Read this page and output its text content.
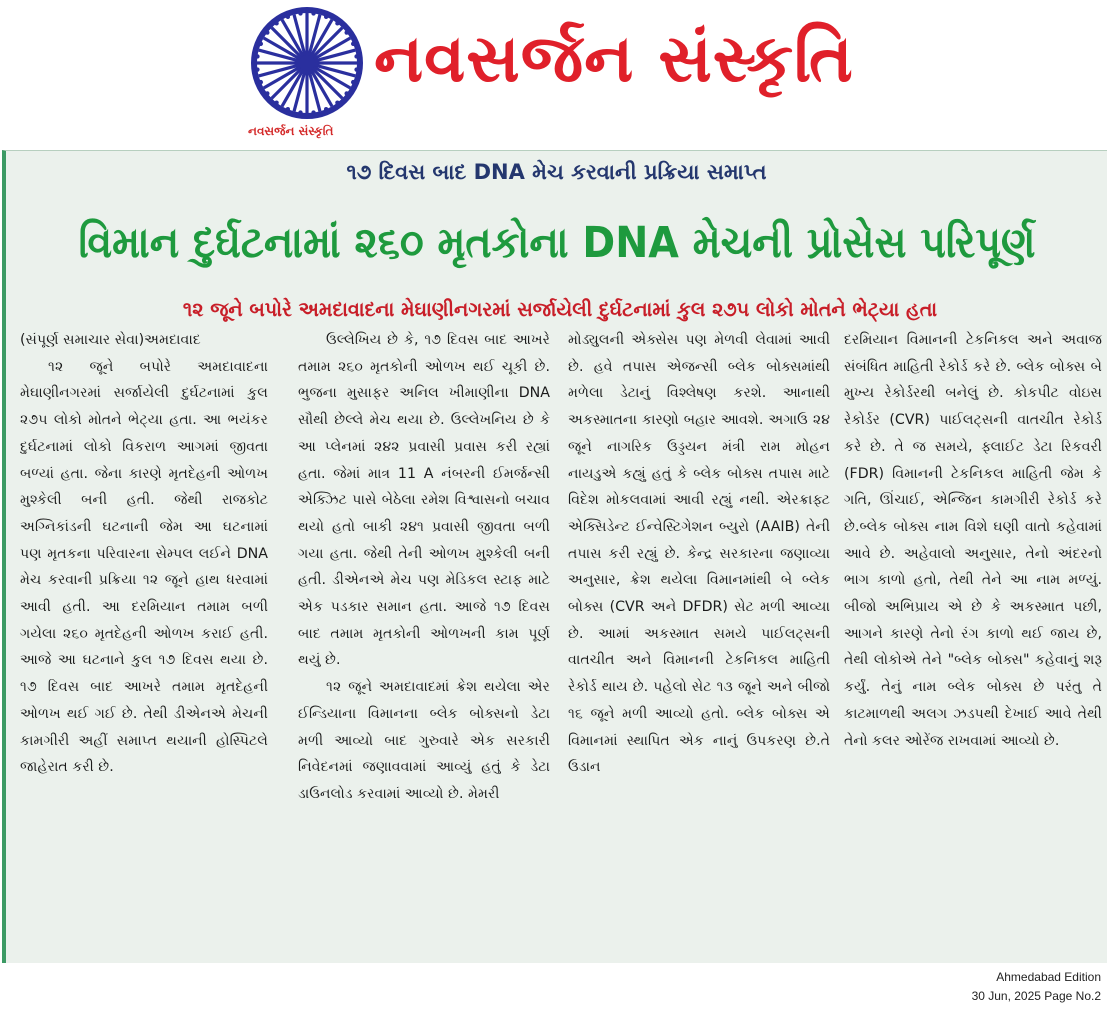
નવસર્જન સંસ્કૃતિ
નવસર્જન સંસ્કૃતિ
૧૭ દિવસ બાદ DNA મેચ કરવાની પ્રક્રિયા સમાપ્ત
વિમાન દુર્ઘટનામાં ૨૬૦ મૃતકોના DNA મેચની પ્રોસેસ પરિપૂર્ણ
૧૨ જૂને બપોરે અમદાવાદના મેઘાણીનગરમાં સર્જાયેલી દુર્ઘટનામાં કુલ ૨૭૫ લોકો મોતને ભેટ્યા હતા

(સંપૂર્ણ સમાચાર સેવા)અમદાવાદ

૧૨ જૂને બપોરે અમદાવાદના મેઘાણીનગરમાં સર્જાયેલી દુર્ઘટનામાં કુલ ૨૭૫ લોકો મોતને ભેટ્યા હતા. આ ભયંકર દુર્ઘટનામાં લોકો વિકરાળ આગમાં જીવતા બળ્યાં હતા. જેના કારણે મૃતદેહની ઓળખ મુશ્કેલી બની હતી. જેથી રાજકોટ અગ્નિકાંડની ઘટનાની જેમ આ ઘટનામાં પણ મૃતકના પરિવારના સેમ્પલ લઈને DNA મેચ કરવાની પ્રક્રિયા ૧૨ જૂને હાથ ધરવામાં આવી હતી. આ દરમિયાન તમામ બળી ગયેલા ૨૬૦ મૃતદેહની ઓળખ કરાઈ હતી. આજે આ ઘટનાને કુલ ૧૭ દિવસ થયા છે. ૧૭ દિવસ બાદ આખરે તમામ મૃતદેહની ઓળખ થઈ ગઈ છે. તેથી ડીએનએ મેચની કામગીરી અહીં સમાપ્ત થયાની હોસ્પિટલે જાહેરાત કરી છે.

ઉલ્લેખિય છે કે, ૧૭ દિવસ બાદ આખરે તમામ ૨૬૦ મૃતકોની ઓળખ થઈ ચૂકી છે. ભુજના મુસાફર અનિલ ખીમાણીના DNA સૌથી છેલ્લે મેચ થયા છે. ઉલ્લેખનિય છે કે આ પ્લેનમાં ૨૪૨ પ્રવાસી પ્રવાસ કરી રહ્યાં હતા. જેમાં માત્ર 11 A નંબરની ઈમર્જન્સી એક્ઝિટ પાસે બેઠેલા રમેશ વિશ્વાસનો બચાવ થયો હતો બાકી ૨૪૧ પ્રવાસી જીવતા બળી ગયા હતા. જેથી તેની ઓળખ મુશ્કેલી બની હતી. ડીએનએ મેચ પણ મેડિકલ સ્ટાફ માટે એક પડકાર સમાન હતા. આજે ૧૭ દિવસ બાદ તમામ મૃતકોની ઓળખની કામ પૂર્ણ થયું છે.

૧૨ જૂને અમદાવાદમાં ક્રેશ થયેલા એર ઈન્ડિયાના વિમાનના બ્લેક બોક્સનો ડેટા મળી આવ્યો બાદ ગુરુવારે એક સરકારી નિવેદનમાં જણાવવામાં આવ્યું હતું કે ડેટા ડાઉનલોડ કરવામાં આવ્યો છે. મેમરી

મોડ્યુલની એક્સેસ પણ મેળવી લેવામાં આવી છે. હવે તપાસ એજન્સી બ્લેક બોક્સમાંથી મળેલા ડેટાનું વિશ્લેષણ કરશે. આનાથી અકસ્માતના કારણો બહાર આવશે. અગાઉ ૨૪ જૂને નાગરિક ઉડ્ડયન મંત્રી રામ મોહન નાયડુએ કહ્યું હતું કે બ્લેક બોક્સ તપાસ માટે વિદેશ મોકલવામાં આવી રહ્યું નથી. એરક્રાફ્ટ એક્સિડેન્ટ ઈન્વેસ્ટિગેશન બ્યુરો (AAIB) તેની તપાસ કરી રહ્યું છે. કેન્દ્ર સરકારના જણાવ્યા અનુસાર, ક્રેશ થયેલા વિમાનમાંથી બે બ્લેક બોક્સ (CVR અને DFDR) સેટ મળી આવ્યા છે. આમાં અકસ્માત સમયે પાઈલટ્સની વાતચીત અને વિમાનની ટેકનિકલ માહિતી રેકોર્ડ થાય છે. પહેલો સેટ ૧૩ જૂને અને બીજો ૧૬ જૂને મળી આવ્યો હતો. બ્લેક બોક્સ એ વિમાનમાં સ્થાપિત એક નાનું ઉપકરણ છે.તે ઉડાન

દરમિયાન વિમાનની ટેકનિકલ અને અવાજ સંબંધિત માહિતી રેકોર્ડ કરે છે. બ્લેક બોક્સ બે મુખ્ય રેકોર્ડરથી બનેલું છે. કોકપીટ વોઇસ રેકોર્ડર (CVR) પાઈલટ્સની વાતચીત રેકોર્ડ કરે છે. તે જ સમયે, ફ્લાઈટ ડેટા રિકવરી (FDR) વિમાનની ટેકનિકલ માહિતી જેમ કે ગતિ, ઊંચાઈ, એન્જિન કામગીરી રેકોર્ડ કરે છે.બ્લેક બોક્સ નામ વિશે ઘણી વાતો કહેવામાં આવે છે. અહેવાલો અનુસાર, તેનો અંદરનો ભાગ કાળો હતો, તેથી તેને આ નામ મળ્યું. બીજો અભિપ્રાય એ છે કે અકસ્માત પછી, આગને કારણે તેનો રંગ કાળો થઈ જાય છે, તેથી લોકોએ તેને "બ્લેક બોક્સ" કહેવાનું શરૂ કર્યું. તેનું નામ બ્લેક બોક્સ છે પરંતુ તે કાટમાળથી અલગ ઝડપથી દેખાઈ આવે તેથી તેનો કલર ઓરેંજ રાખવામાં આવ્યો છે.

Ahmedabad Edition
30 Jun, 2025 Page No.2
